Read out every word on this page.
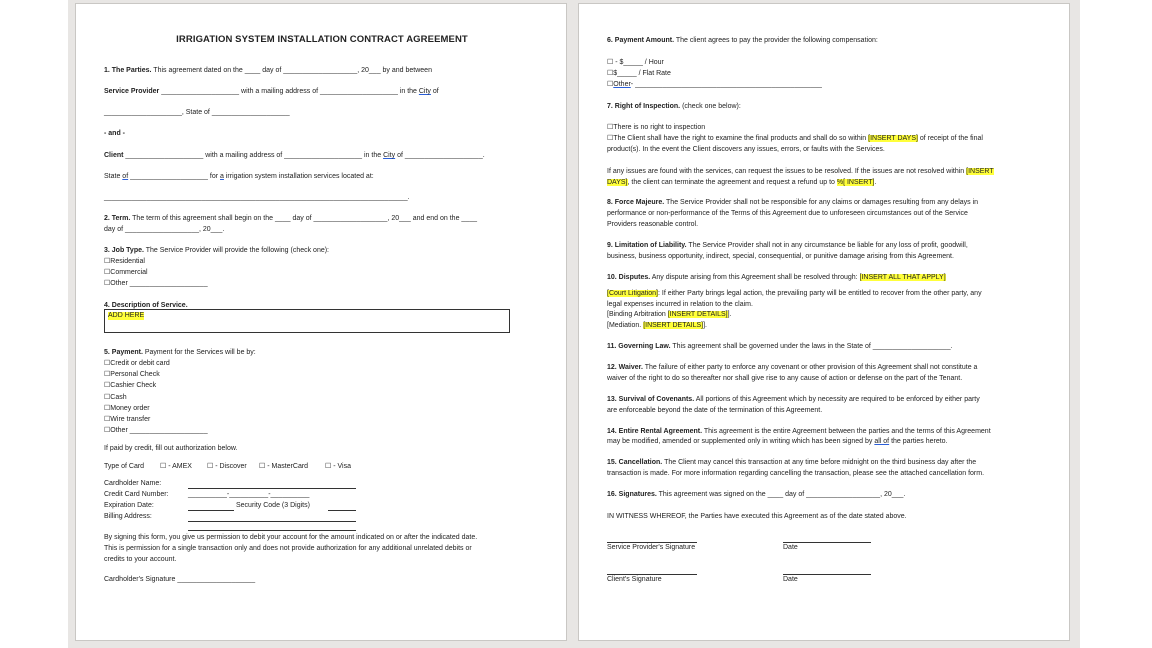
IRRIGATION SYSTEM INSTALLATION CONTRACT AGREEMENT
1. The Parties. This agreement dated on the ____ day of ___________________, 20___ by and between
Service Provider ____________________ with a mailing address of ____________________ in the City of
____________________, State of ____________________
- and -
Client ____________________ with a mailing address of ____________________ in the City of ____________________.
State of ____________________ for a irrigation system installation services located at:
______________________________________________________________________________.
2. Term. The term of this agreement shall begin on the ____ day of ___________________, 20___ and end on the ____
day of ___________________, 20___.
3. Job Type. The Service Provider will provide the following (check one):
☐Residential
☐Commercial
☐Other ____________________
4. Description of Service.
ADD HERE
5. Payment. Payment for the Services will be by:
☐Credit or debit card
☐Personal Check
☐Cashier Check
☐Cash
☐Money order
☐Wire transfer
☐Other ____________________
If paid by credit, fill out authorization below.
Type of Card ☐ - AMEX ☐ - Discover ☐ - MasterCard ☐ - Visa
Cardholder Name:
Credit Card Number:	__________-__________-__________
Expiration Date:	Security Code (3 Digits)
Billing Address:
By signing this form, you give us permission to debit your account for the amount indicated on or after the indicated date.
This is permission for a single transaction only and does not provide authorization for any additional unrelated debits or
credits to your account.
Cardholder's Signature ____________________
6. Payment Amount. The client agrees to pay the provider the following compensation:
☐ - $_____ / Hour
☐$_____ / Flat Rate
☐Other- ________________________________________________
7. Right of Inspection. (check one below):
☐There is no right to inspection
☐The Client shall have the right to examine the final products and shall do so within [INSERT DAYS] of receipt of the final
product(s). In the event the Client discovers any issues, errors, or faults with the Services.
If any issues are found with the services, can request the issues to be resolved. If the issues are not resolved within [INSERT
DAYS], the client can terminate the agreement and request a refund up to %[ INSERT].
8. Force Majeure. The Service Provider shall not be responsible for any claims or damages resulting from any delays in
performance or non-performance of the Terms of this Agreement due to unforeseen circumstances out of the Service
Providers reasonable control.
9. Limitation of Liability. The Service Provider shall not in any circumstance be liable for any loss of profit, goodwill,
business, business opportunity, indirect, special, consequential, or punitive damage arising from this Agreement.
10. Disputes. Any dispute arising from this Agreement shall be resolved through: [INSERT ALL THAT APPLY]
[Court Litigation]: If either Party brings legal action, the prevailing party will be entitled to recover from the other party, any
legal expenses incurred in relation to the claim.
[Binding Arbitration [INSERT DETAILS]].
[Mediation. [INSERT DETAILS]].
11. Governing Law. This agreement shall be governed under the laws in the State of ____________________.
12. Waiver. The failure of either party to enforce any covenant or other provision of this Agreement shall not constitute a
waiver of the right to do so thereafter nor shall give rise to any cause of action or defense on the part of the Tenant.
13. Survival of Covenants. All portions of this Agreement which by necessity are required to be enforced by either party
are enforceable beyond the date of the termination of this Agreement.
14. Entire Rental Agreement. This agreement is the entire Agreement between the parties and the terms of this Agreement
may be modified, amended or supplemented only in writing which has been signed by all of the parties hereto.
15. Cancellation. The Client may cancel this transaction at any time before midnight on the third business day after the
transaction is made. For more information regarding cancelling the transaction, please see the attached cancellation form.
16. Signatures. This agreement was signed on the ____ day of ___________________, 20___.
IN WITNESS WHEREOF, the Parties have executed this Agreement as of the date stated above.
Service Provider's Signature	Date
Client's Signature	Date
